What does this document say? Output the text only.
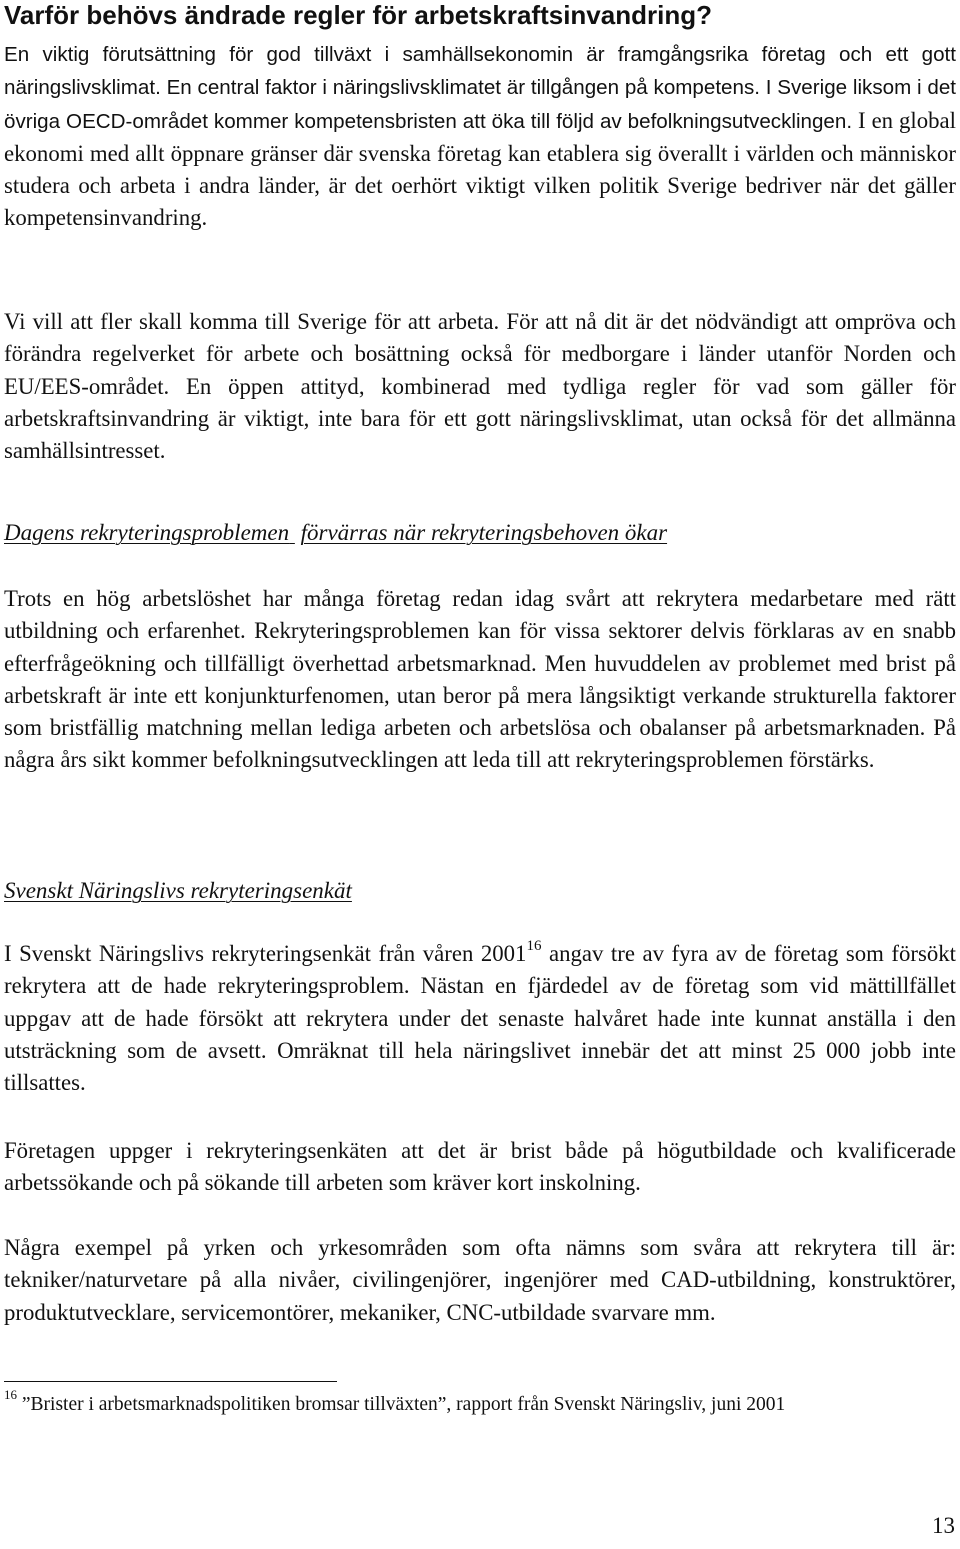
Varför behövs ändrade regler för arbetskraftsinvandring?

En viktig förutsättning för god tillväxt i samhällsekonomin är framgångsrika företag och ett gott näringslivsklimat. En central faktor i näringslivsklimatet är tillgången på kompetens. I Sverige liksom i det övriga OECD-området kommer kompetensbristen att öka till följd av befolkningsutvecklingen. I en global ekonomi med allt öppnare gränser där svenska företag kan etablera sig överallt i världen och människor studera och arbeta i andra länder, är det oerhört viktigt vilken politik Sverige bedriver när det gäller kompetensinvandring.

Vi vill att fler skall komma till Sverige för att arbeta. För att nå dit är det nödvändigt att ompröva och förändra regelverket för arbete och bosättning också för medborgare i länder utanför Norden och EU/EES-området. En öppen attityd, kombinerad med tydliga regler för vad som gäller för arbetskraftsinvandring är viktigt, inte bara för ett gott näringslivsklimat, utan också för det allmänna samhällsintresset.

Dagens rekryteringsproblemen förvärras när rekryteringsbehoven ökar

Trots en hög arbetslöshet har många företag redan idag svårt att rekrytera medarbetare med rätt utbildning och erfarenhet. Rekryteringsproblemen kan för vissa sektorer delvis förklaras av en snabb efterfrågeökning och tillfälligt överhettad arbetsmarknad. Men huvuddelen av problemet med brist på arbetskraft är inte ett konjunkturfenomen, utan beror på mera långsiktigt verkande strukturella faktorer som bristfällig matchning mellan lediga arbeten och arbetslösa och obalanser på arbetsmarknaden. På några års sikt kommer befolkningsutvecklingen att leda till att rekryteringsproblemen förstärks.

Svenskt Näringslivs rekryteringsenkät

I Svenskt Näringslivs rekryteringsenkät från våren 2001$^{16}$ angav tre av fyra av de företag som försökt rekrytera att de hade rekryteringsproblem. Nästan en fjärdedel av de företag som vid mättillfället uppgav att de hade försökt att rekrytera under det senaste halvåret hade inte kunnat anställa i den utsträckning som de avsett. Omräknat till hela näringslivet innebär det att minst 25 000 jobb inte tillsattes.

Företagen uppger i rekryteringsenkäten att det är brist både på högutbildade och kvalificerade arbetssökande och på sökande till arbeten som kräver kort inskolning.

Några exempel på yrken och yrkesområden som ofta nämns som svåra att rekrytera till är: tekniker/naturvetare på alla nivåer, civilingenjörer, ingenjörer med CAD-utbildning, konstruktörer, produktutvecklare, servicemontörer, mekaniker, CNC-utbildade svarvare mm.

$^{16}$ ”Brister i arbetsmarknadspolitiken bromsar tillväxten”, rapport från Svenskt Näringsliv, juni 2001

13
